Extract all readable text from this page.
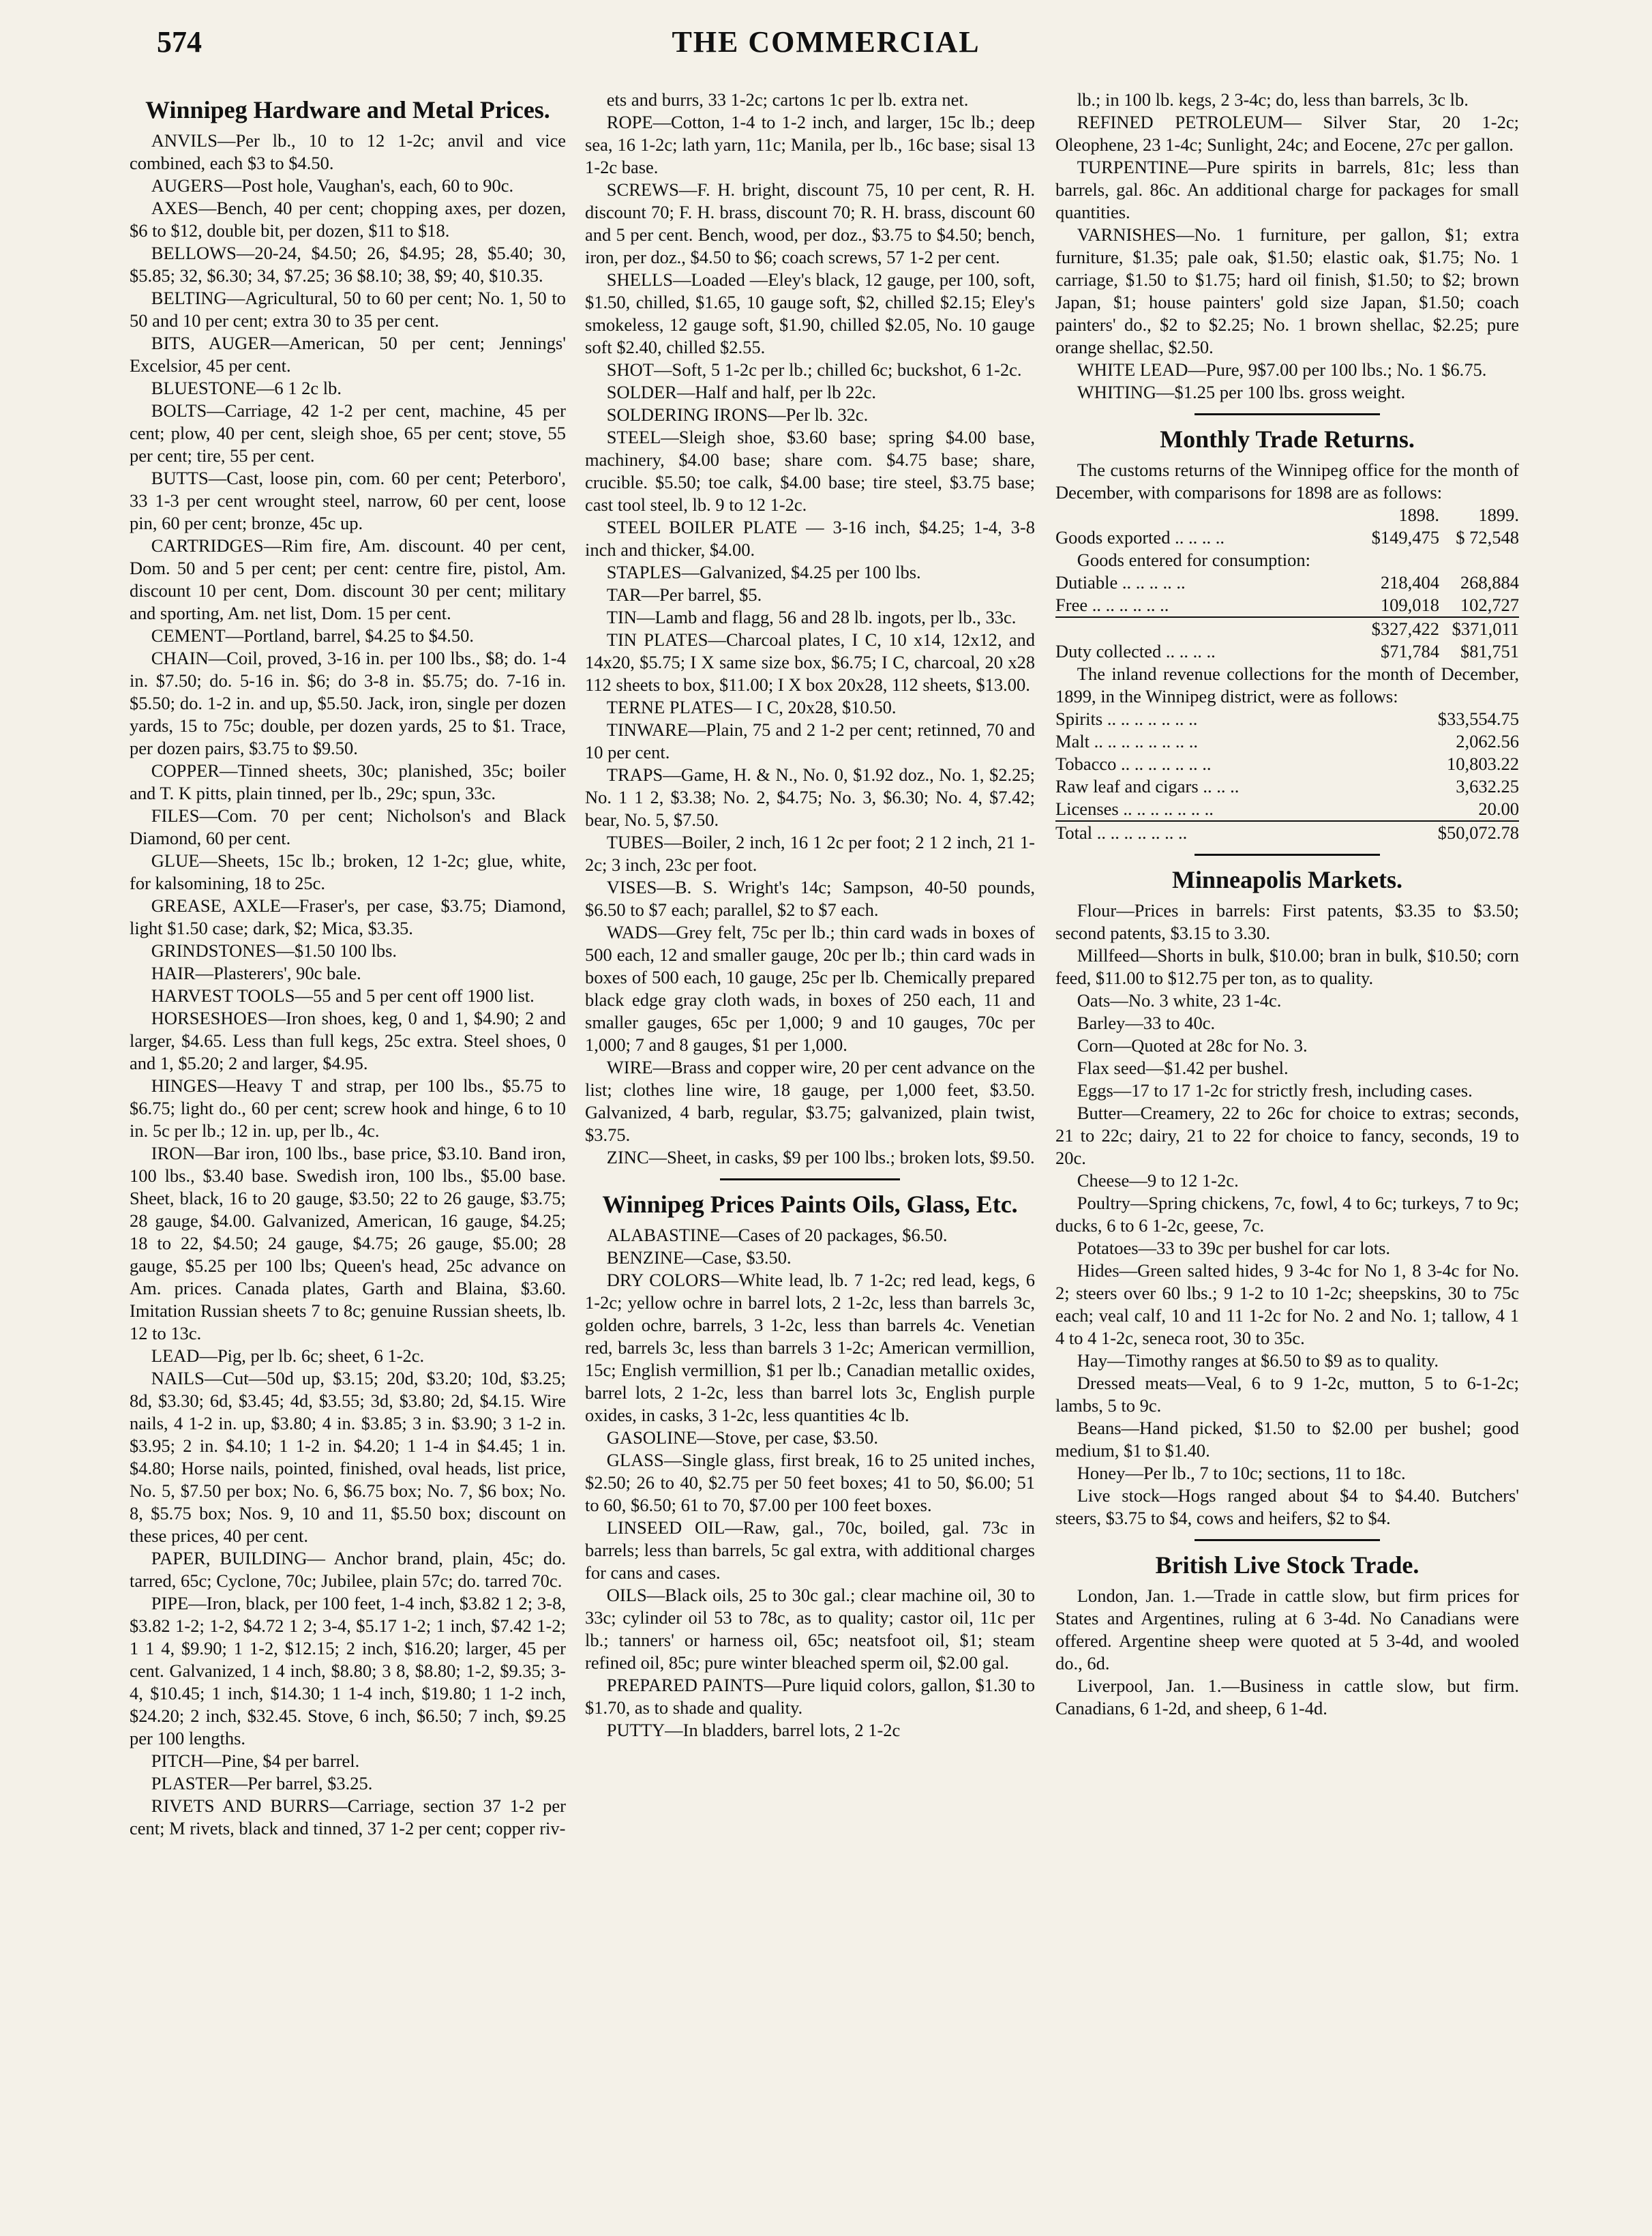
574	THE COMMERCIAL
Winnipeg Hardware and Metal Prices.

ANVILS—Per lb., 10 to 12 1-2c; anvil and vice combined, each $3 to $4.50.

AUGERS—Post hole, Vaughan's, each, 60 to 90c.

AXES—Bench, 40 per cent; chopping axes, per dozen, $6 to $12, double bit, per dozen, $11 to $18.

BELLOWS—20-24, $4.50; 26, $4.95; 28, $5.40; 30, $5.85; 32, $6.30; 34, $7.25; 36 $8.10; 38, $9; 40, $10.35.

BELTING—Agricultural, 50 to 60 per cent; No. 1, 50 to 50 and 10 per cent; extra 30 to 35 per cent.

BITS, AUGER—American, 50 per cent; Jennings' Excelsior, 45 per cent.

BLUESTONE—6 1 2c lb.

BOLTS—Carriage, 42 1-2 per cent, machine, 45 per cent; plow, 40 per cent, sleigh shoe, 65 per cent; stove, 55 per cent; tire, 55 per cent.

BUTTS—Cast, loose pin, com. 60 per cent; Peterboro', 33 1-3 per cent wrought steel, narrow, 60 per cent, loose pin, 60 per cent; bronze, 45c up.

CARTRIDGES—Rim fire, Am. discount. 40 per cent, Dom. 50 and 5 per cent; per cent: centre fire, pistol, Am. discount 10 per cent, Dom. discount 30 per cent; military and sporting, Am. net list, Dom. 15 per cent.

CEMENT—Portland, barrel, $4.25 to $4.50.

CHAIN—Coil, proved, 3-16 in. per 100 lbs., $8; do. 1-4 in. $7.50; do. 5-16 in. $6; do 3-8 in. $5.75; do. 7-16 in. $5.50; do. 1-2 in. and up, $5.50. Jack, iron, single per dozen yards, 15 to 75c; double, per dozen yards, 25 to $1. Trace, per dozen pairs, $3.75 to $9.50.

COPPER—Tinned sheets, 30c; planished, 35c; boiler and T. K pitts, plain tinned, per lb., 29c; spun, 33c.

FILES—Com. 70 per cent; Nicholson's and Black Diamond, 60 per cent.

GLUE—Sheets, 15c lb.; broken, 12 1-2c; glue, white, for kalsomining, 18 to 25c.

GREASE, AXLE—Fraser's, per case, $3.75; Diamond, light $1.50 case; dark, $2; Mica, $3.35.

GRINDSTONES—$1.50 100 lbs.

HAIR—Plasterers', 90c bale.

HARVEST TOOLS—55 and 5 per cent off 1900 list.

HORSESHOES—Iron shoes, keg, 0 and 1, $4.90; 2 and larger, $4.65. Less than full kegs, 25c extra. Steel shoes, 0 and 1, $5.20; 2 and larger, $4.95.

HINGES—Heavy T and strap, per 100 lbs., $5.75 to $6.75; light do., 60 per cent; screw hook and hinge, 6 to 10 in. 5c per lb.; 12 in. up, per lb., 4c.

IRON—Bar iron, 100 lbs., base price, $3.10. Band iron, 100 lbs., $3.40 base. Swedish iron, 100 lbs., $5.00 base. Sheet, black, 16 to 20 gauge, $3.50; 22 to 26 gauge, $3.75; 28 gauge, $4.00. Galvanized, American, 16 gauge, $4.25; 18 to 22, $4.50; 24 gauge, $4.75; 26 gauge, $5.00; 28 gauge, $5.25 per 100 lbs; Queen's head, 25c advance on Am. prices. Canada plates, Garth and Blaina, $3.60. Imitation Russian sheets 7 to 8c; genuine Russian sheets, lb. 12 to 13c.

LEAD—Pig, per lb. 6c; sheet, 6 1-2c.

NAILS—Cut—50d up, $3.15; 20d, $3.20; 10d, $3.25; 8d, $3.30; 6d, $3.45; 4d, $3.55; 3d, $3.80; 2d, $4.15. Wire nails, 4 1-2 in. up, $3.80; 4 in. $3.85; 3 in. $3.90; 3 1-2 in. $3.95; 2 in. $4.10; 1 1-2 in. $4.20; 1 1-4 in $4.45; 1 in. $4.80; Horse nails, pointed, finished, oval heads, list price, No. 5, $7.50 per box; No. 6, $6.75 box; No. 7, $6 box; No. 8, $5.75 box; Nos. 9, 10 and 11, $5.50 box; discount on these prices, 40 per cent.

PAPER, BUILDING— Anchor brand, plain, 45c; do. tarred, 65c; Cyclone, 70c; Jubilee, plain 57c; do. tarred 70c.

PIPE—Iron, black, per 100 feet, 1-4 inch, $3.82 1 2; 3-8, $3.82 1-2; 1-2, $4.72 1 2; 3-4, $5.17 1-2; 1 inch, $7.42 1-2; 1 1 4, $9.90; 1 1-2, $12.15; 2 inch, $16.20; larger, 45 per cent. Galvanized, 1 4 inch, $8.80; 3 8, $8.80; 1-2, $9.35; 3-4, $10.45; 1 inch, $14.30; 1 1-4 inch, $19.80; 1 1-2 inch, $24.20; 2 inch, $32.45. Stove, 6 inch, $6.50; 7 inch, $9.25 per 100 lengths.

PITCH—Pine, $4 per barrel.

PLASTER—Per barrel, $3.25.

RIVETS AND BURRS—Carriage, section 37 1-2 per cent; M rivets, black and tinned, 37 1-2 per cent; copper riv-

ets and burrs, 33 1-2c; cartons 1c per lb. extra net.

ROPE—Cotton, 1-4 to 1-2 inch, and larger, 15c lb.; deep sea, 16 1-2c; lath yarn, 11c; Manila, per lb., 16c base; sisal 13 1-2c base.

SCREWS—F. H. bright, discount 75, 10 per cent, R. H. discount 70; F. H. brass, discount 70; R. H. brass, discount 60 and 5 per cent. Bench, wood, per doz., $3.75 to $4.50; bench, iron, per doz., $4.50 to $6; coach screws, 57 1-2 per cent.

SHELLS—Loaded —Eley's black, 12 gauge, per 100, soft, $1.50, chilled, $1.65, 10 gauge soft, $2, chilled $2.15; Eley's smokeless, 12 gauge soft, $1.90, chilled $2.05, No. 10 gauge soft $2.40, chilled $2.55.

SHOT—Soft, 5 1-2c per lb.; chilled 6c; buckshot, 6 1-2c.

SOLDER—Half and half, per lb 22c.

SOLDERING IRONS—Per lb. 32c.

STEEL—Sleigh shoe, $3.60 base; spring $4.00 base, machinery, $4.00 base; share com. $4.75 base; share, crucible. $5.50; toe calk, $4.00 base; tire steel, $3.75 base; cast tool steel, lb. 9 to 12 1-2c.

STEEL BOILER PLATE — 3-16 inch, $4.25; 1-4, 3-8 inch and thicker, $4.00.

STAPLES—Galvanized, $4.25 per 100 lbs.

TAR—Per barrel, $5.

TIN—Lamb and flagg, 56 and 28 lb. ingots, per lb., 33c.

TIN PLATES—Charcoal plates, I C, 10 x14, 12x12, and 14x20, $5.75; I X same size box, $6.75; I C, charcoal, 20 x28 112 sheets to box, $11.00; I X box 20x28, 112 sheets, $13.00.

TERNE PLATES— I C, 20x28, $10.50.

TINWARE—Plain, 75 and 2 1-2 per cent; retinned, 70 and 10 per cent.

TRAPS—Game, H. & N., No. 0, $1.92 doz., No. 1, $2.25; No. 1 1 2, $3.38; No. 2, $4.75; No. 3, $6.30; No. 4, $7.42; bear, No. 5, $7.50.

TUBES—Boiler, 2 inch, 16 1 2c per foot; 2 1 2 inch, 21 1-2c; 3 inch, 23c per foot.

VISES—B. S. Wright's 14c; Sampson, 40-50 pounds, $6.50 to $7 each; parallel, $2 to $7 each.

WADS—Grey felt, 75c per lb.; thin card wads in boxes of 500 each, 12 and smaller gauge, 20c per lb.; thin card wads in boxes of 500 each, 10 gauge, 25c per lb. Chemically prepared black edge gray cloth wads, in boxes of 250 each, 11 and smaller gauges, 65c per 1,000; 9 and 10 gauges, 70c per 1,000; 7 and 8 gauges, $1 per 1,000.

WIRE—Brass and copper wire, 20 per cent advance on the list; clothes line wire, 18 gauge, per 1,000 feet, $3.50. Galvanized, 4 barb, regular, $3.75; galvanized, plain twist, $3.75.

ZINC—Sheet, in casks, $9 per 100 lbs.; broken lots, $9.50.

Winnipeg Prices Paints Oils, Glass, Etc.

ALABASTINE—Cases of 20 packages, $6.50.

BENZINE—Case, $3.50.

DRY COLORS—White lead, lb. 7 1-2c; red lead, kegs, 6 1-2c; yellow ochre in barrel lots, 2 1-2c, less than barrels 3c, golden ochre, barrels, 3 1-2c, less than barrels 4c. Venetian red, barrels 3c, less than barrels 3 1-2c; American vermillion, 15c; English vermillion, $1 per lb.; Canadian metallic oxides, barrel lots, 2 1-2c, less than barrel lots 3c, English purple oxides, in casks, 3 1-2c, less quantities 4c lb.

GASOLINE—Stove, per case, $3.50.

GLASS—Single glass, first break, 16 to 25 united inches, $2.50; 26 to 40, $2.75 per 50 feet boxes; 41 to 50, $6.00; 51 to 60, $6.50; 61 to 70, $7.00 per 100 feet boxes.

LINSEED OIL—Raw, gal., 70c, boiled, gal. 73c in barrels; less than barrels, 5c gal extra, with additional charges for cans and cases.

OILS—Black oils, 25 to 30c gal.; clear machine oil, 30 to 33c; cylinder oil 53 to 78c, as to quality; castor oil, 11c per lb.; tanners' or harness oil, 65c; neatsfoot oil, $1; steam refined oil, 85c; pure winter bleached sperm oil, $2.00 gal.

PREPARED PAINTS—Pure liquid colors, gallon, $1.30 to $1.70, as to shade and quality.

PUTTY—In bladders, barrel lots, 2 1-2c

lb.; in 100 lb. kegs, 2 3-4c; do, less than barrels, 3c lb.

REFINED PETROLEUM— Silver Star, 20 1-2c; Oleophene, 23 1-4c; Sunlight, 24c; and Eocene, 27c per gallon.

TURPENTINE—Pure spirits in barrels, 81c; less than barrels, gal. 86c. An additional charge for packages for small quantities.

VARNISHES—No. 1 furniture, per gallon, $1; extra furniture, $1.35; pale oak, $1.50; elastic oak, $1.75; No. 1 carriage, $1.50 to $1.75; hard oil finish, $1.50; to $2; brown Japan, $1; house painters' gold size Japan, $1.50; coach painters' do., $2 to $2.25; No. 1 brown shellac, $2.25; pure orange shellac, $2.50.

WHITE LEAD—Pure, 9$7.00 per 100 lbs.; No. 1 $6.75.

WHITING—$1.25 per 100 lbs. gross weight.

Monthly Trade Returns.

The customs returns of the Winnipeg office for the month of December, with comparisons for 1898 are as follows:

	1898.	1899.
Goods exported .. .. .. ..	$149,475	$ 72,548
Goods entered for consumption:		
Dutiable .. .. .. .. ..	218,404	268,884
Free .. .. .. .. .. ..	109,018	102,727
	$327,422	$371,011
Duty collected .. .. .. ..	$71,784	$81,751

The inland revenue collections for the month of December, 1899, in the Winnipeg district, were as follows:

Spirits .. .. .. .. .. .. ..	$33,554.75
Malt .. .. .. .. .. .. .. ..	2,062.56
Tobacco .. .. .. .. .. .. ..	10,803.22
Raw leaf and cigars .. .. ..	3,632.25
Licenses .. .. .. .. .. .. ..	20.00
Total .. .. .. .. .. .. ..	$50,072.78
Minneapolis Markets.

Flour—Prices in barrels: First patents, $3.35 to $3.50; second patents, $3.15 to 3.30.

Millfeed—Shorts in bulk, $10.00; bran in bulk, $10.50; corn feed, $11.00 to $12.75 per ton, as to quality.

Oats—No. 3 white, 23 1-4c.

Barley—33 to 40c.

Corn—Quoted at 28c for No. 3.

Flax seed—$1.42 per bushel.

Eggs—17 to 17 1-2c for strictly fresh, including cases.

Butter—Creamery, 22 to 26c for choice to extras; seconds, 21 to 22c; dairy, 21 to 22 for choice to fancy, seconds, 19 to 20c.

Cheese—9 to 12 1-2c.

Poultry—Spring chickens, 7c, fowl, 4 to 6c; turkeys, 7 to 9c; ducks, 6 to 6 1-2c, geese, 7c.

Potatoes—33 to 39c per bushel for car lots.

Hides—Green salted hides, 9 3-4c for No 1, 8 3-4c for No. 2; steers over 60 lbs.; 9 1-2 to 10 1-2c; sheepskins, 30 to 75c each; veal calf, 10 and 11 1-2c for No. 2 and No. 1; tallow, 4 1 4 to 4 1-2c, seneca root, 30 to 35c.

Hay—Timothy ranges at $6.50 to $9 as to quality.

Dressed meats—Veal, 6 to 9 1-2c, mutton, 5 to 6-1-2c; lambs, 5 to 9c.

Beans—Hand picked, $1.50 to $2.00 per bushel; good medium, $1 to $1.40.

Honey—Per lb., 7 to 10c; sections, 11 to 18c.

Live stock—Hogs ranged about $4 to $4.40. Butchers' steers, $3.75 to $4, cows and heifers, $2 to $4.

British Live Stock Trade.

London, Jan. 1.—Trade in cattle slow, but firm prices for States and Argentines, ruling at 6 3-4d. No Canadians were offered. Argentine sheep were quoted at 5 3-4d, and wooled do., 6d.

Liverpool, Jan. 1.—Business in cattle slow, but firm. Canadians, 6 1-2d, and sheep, 6 1-4d.
